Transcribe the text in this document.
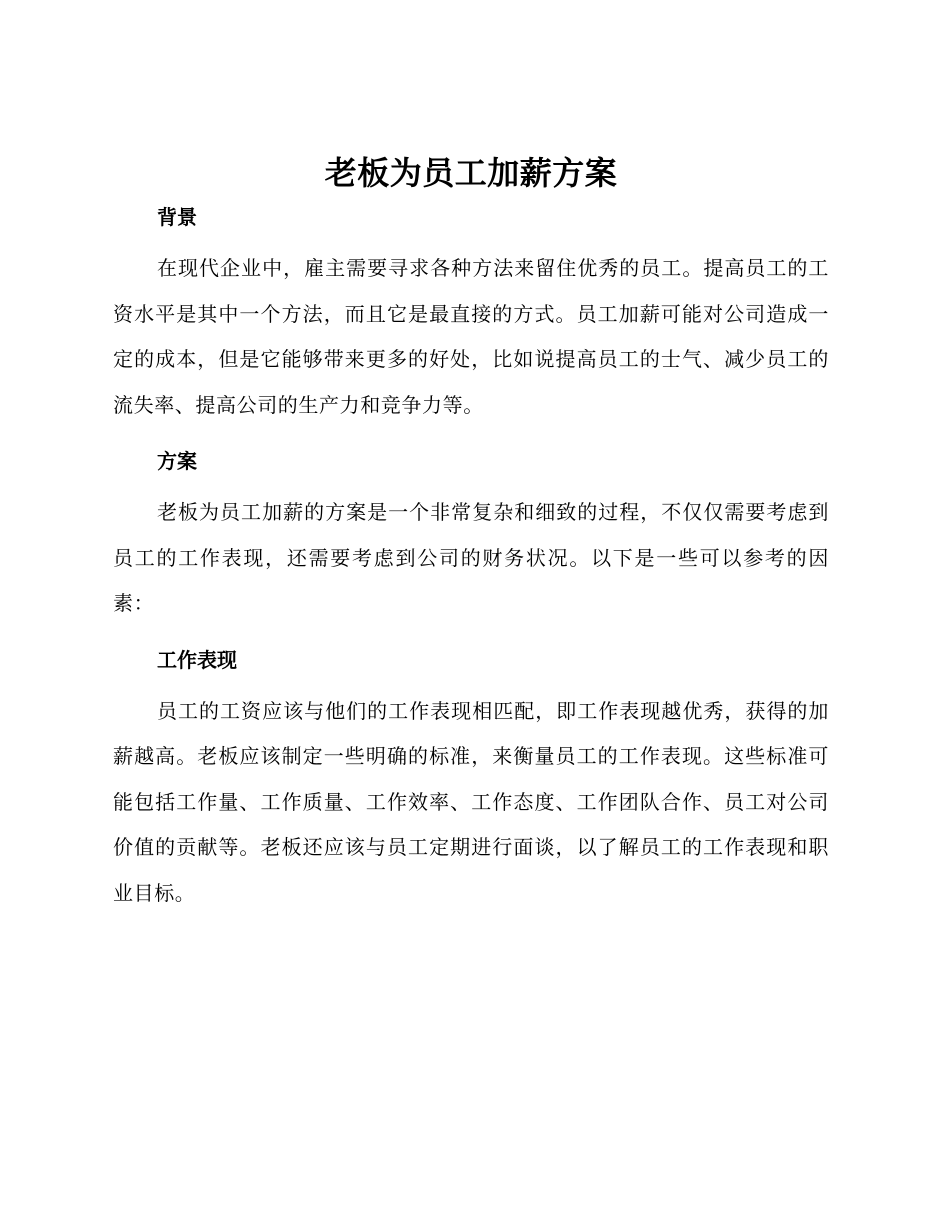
老板为员工加薪方案
背景

在现代企业中，雇主需要寻求各种方法来留住优秀的员工。提高员工的工资水平是其中一个方法，而且它是最直接的方式。员工加薪可能对公司造成一定的成本，但是它能够带来更多的好处，比如说提高员工的士气、减少员工的流失率、提高公司的生产力和竞争力等。

方案

老板为员工加薪的方案是一个非常复杂和细致的过程，不仅仅需要考虑到员工的工作表现，还需要考虑到公司的财务状况。以下是一些可以参考的因素：

工作表现

员工的工资应该与他们的工作表现相匹配，即工作表现越优秀，获得的加薪越高。老板应该制定一些明确的标准，来衡量员工的工作表现。这些标准可能包括工作量、工作质量、工作效率、工作态度、工作团队合作、员工对公司价值的贡献等。老板还应该与员工定期进行面谈，以了解员工的工作表现和职业目标。
